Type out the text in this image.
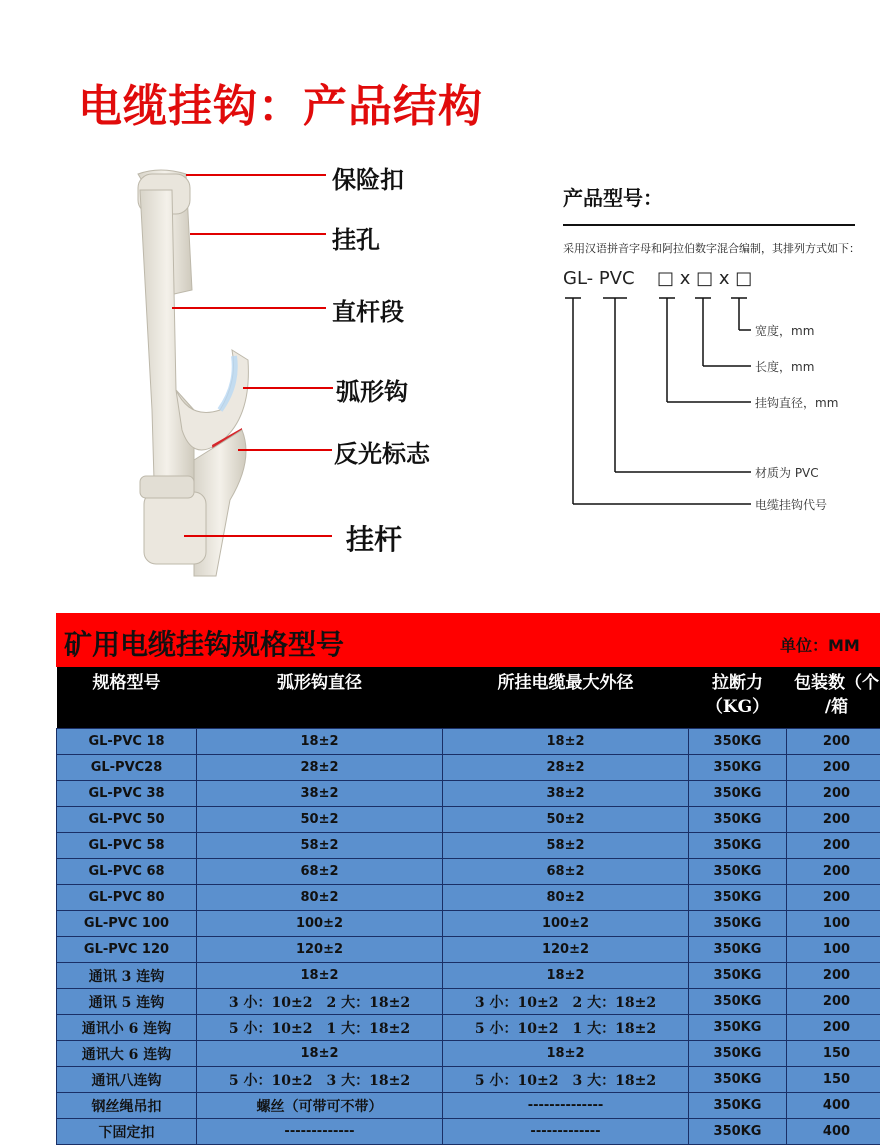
电缆挂钩：产品结构
保险扣
挂孔
直杆段
弧形钩
反光标志
挂杆
产品型号：
采用汉语拼音字母和阿拉伯数字混合编制，其排列方式如下：
GL- PVC □ x □ x □
宽度，mm
长度，mm
挂钩直径，mm
材质为 PVC
电缆挂钩代号
矿用电缆挂钩规格型号	单位：MM
规格型号	弧形钩直径	所挂电缆最大外径	拉断力
（KG）	包装数（个
/箱
GL-PVC 18	18±2	18±2	350KG	200
GL-PVC28	28±2	28±2	350KG	200
GL-PVC 38	38±2	38±2	350KG	200
GL-PVC 50	50±2	50±2	350KG	200
GL-PVC 58	58±2	58±2	350KG	200
GL-PVC 68	68±2	68±2	350KG	200
GL-PVC 80	80±2	80±2	350KG	200
GL-PVC 100	100±2	100±2	350KG	100
GL-PVC 120	120±2	120±2	350KG	100
通讯 3 连钩	18±2	18±2	350KG	200
通讯 5 连钩	3 小：10±2　2 大：18±2	3 小：10±2　2 大：18±2	350KG	200
通讯小 6 连钩	5 小：10±2　1 大：18±2	5 小：10±2　1 大：18±2	350KG	200
通讯大 6 连钩	18±2	18±2	350KG	150
通讯八连钩	5 小：10±2　3 大：18±2	5 小：10±2　3 大：18±2	350KG	150
钢丝绳吊扣	螺丝（可带可不带）	--------------	350KG	400
下固定扣	-------------	-------------	350KG	400
